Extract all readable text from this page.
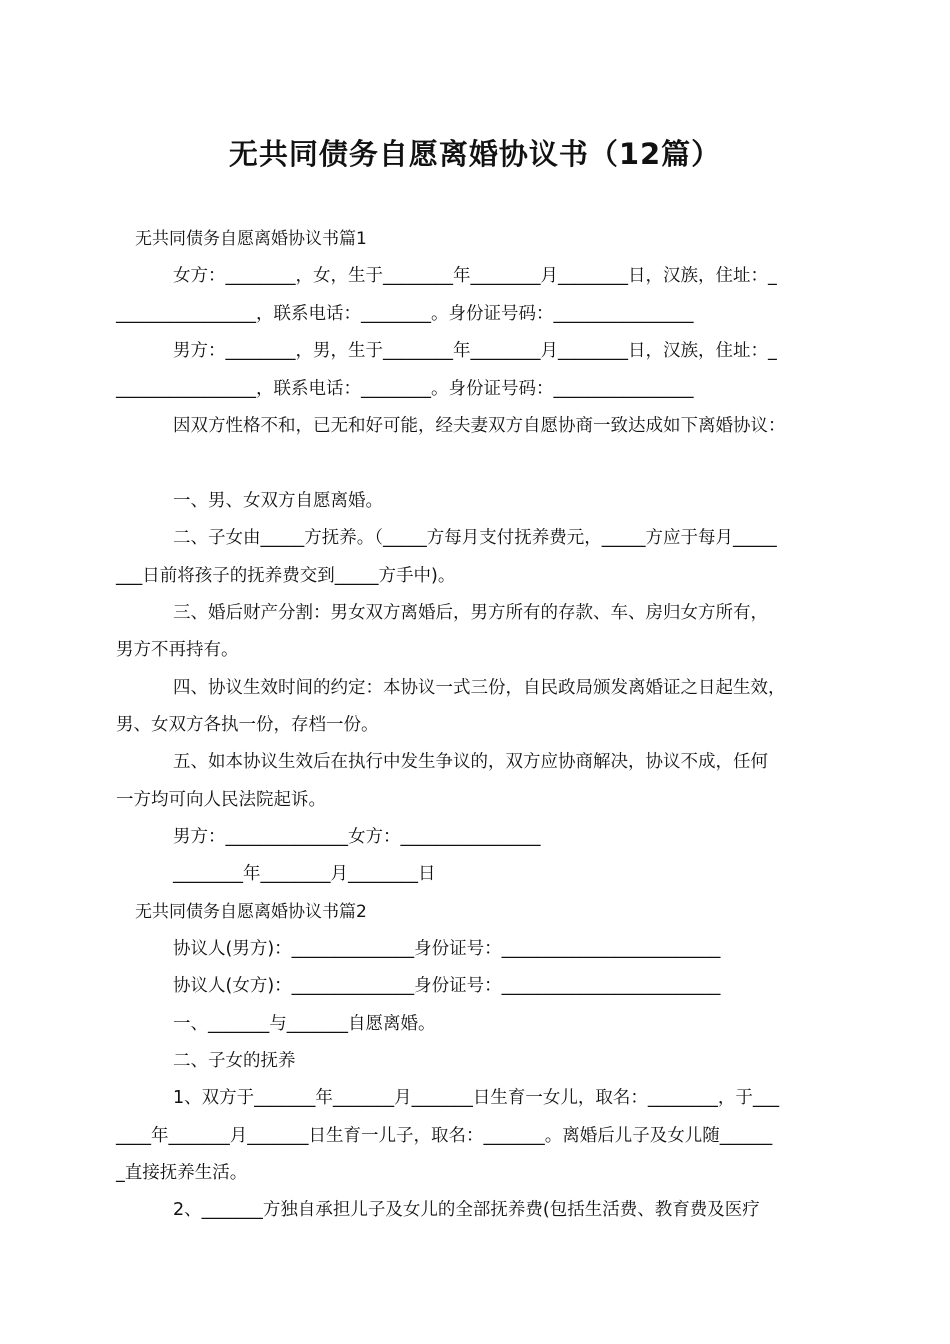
无共同债务自愿离婚协议书（12篇）
无共同债务自愿离婚协议书篇1
女方：________，女，生于________年________月________日，汉族，住址：_
________________，联系电话：________。身份证号码：________________
男方：________，男，生于________年________月________日，汉族，住址：_
________________，联系电话：________。身份证号码：________________
因双方性格不和，已无和好可能，经夫妻双方自愿协商一致达成如下离婚协议：
一、男、女双方自愿离婚。
二、子女由_____方抚养。（_____方每月支付抚养费元，_____方应于每月_____
___日前将孩子的抚养费交到_____方手中)。
三、婚后财产分割：男女双方离婚后，男方所有的存款、车、房归女方所有，
男方不再持有。
四、协议生效时间的约定：本协议一式三份，自民政局颁发离婚证之日起生效，
男、女双方各执一份，存档一份。
五、如本协议生效后在执行中发生争议的，双方应协商解决，协议不成，任何
一方均可向人民法院起诉。
男方：______________女方：________________
________年________月________日
无共同债务自愿离婚协议书篇2
协议人(男方)：______________身份证号：_________________________
协议人(女方)：______________身份证号：_________________________
一、_______与_______自愿离婚。
二、子女的抚养
1、双方于_______年_______月_______日生育一女儿，取名：________，于___
____年_______月_______日生育一儿子，取名：_______。离婚后儿子及女儿随______
_直接抚养生活。
2、_______方独自承担儿子及女儿的全部抚养费(包括生活费、教育费及医疗
